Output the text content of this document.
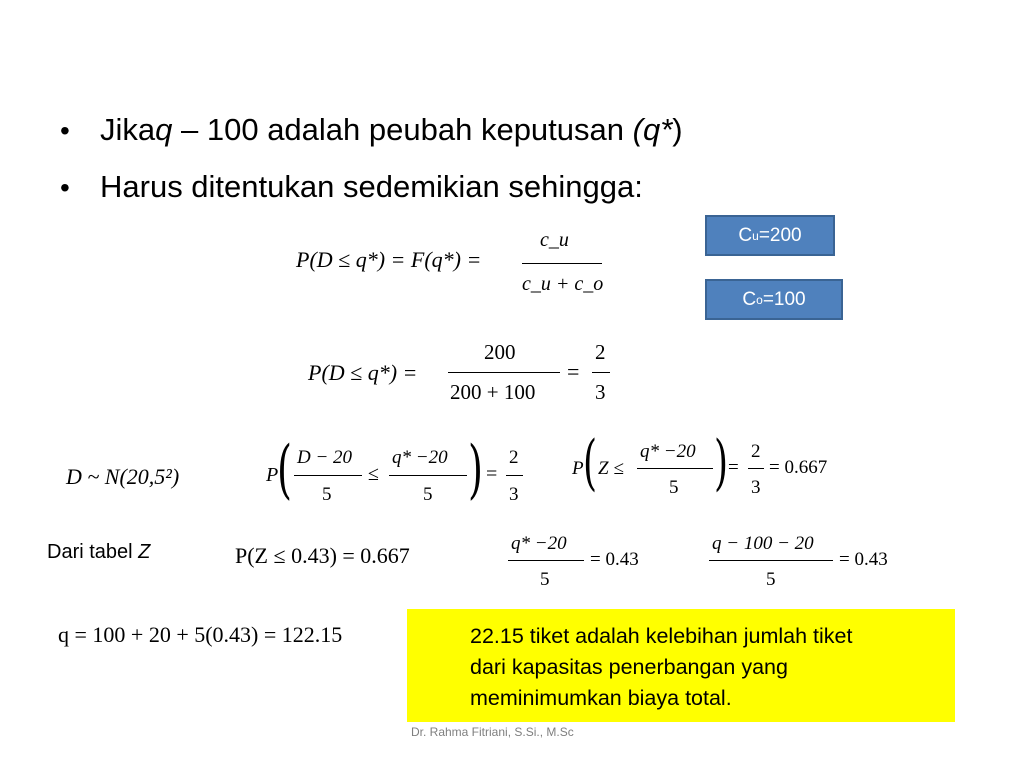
• Jika q – 100 adalah peubah keputusan (q* )
• Harus ditentukan sedemikian sehingga:
C u =200
C o =100
P(D ≤ q*) = F(q*) =
c_u
c_u + c_o
P(D ≤ q*) =
200
200 + 100
=
2
3
D ~ N(20,5²)	P
( D − 20
5
≤
q* −20
5 ) =
2
3
P ( Z ≤
q* −20
5 ) =
2
3
= 0.667
Dari tabel Z	P(Z ≤ 0.43) = 0.667	q* −20
5
= 0.43
q − 100 − 20
5
= 0.43
q = 100 + 20 + 5(0.43) = 122.15	22.15 tiket adalah kelebihan jumlah tiket
dari kapasitas penerbangan yang
meminimumkan biaya total.
Dr. Rahma Fitriani, S.Si., M.Sc
